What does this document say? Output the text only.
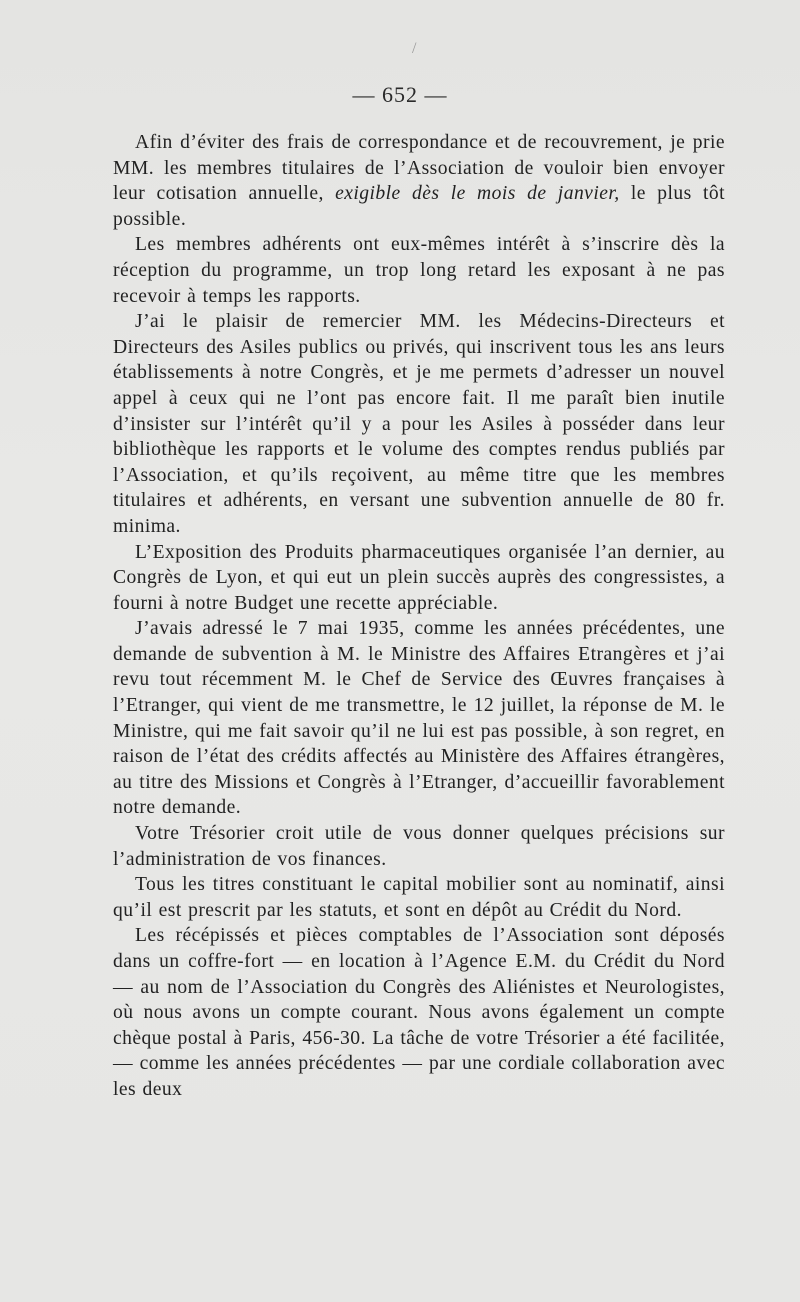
/
— 652 —

Afin d’éviter des frais de correspondance et de recouvrement, je prie MM. les membres titulaires de l’Association de vouloir bien envoyer leur cotisation annuelle, exigible dès le mois de janvier, le plus tôt possible.

Les membres adhérents ont eux-mêmes intérêt à s’inscrire dès la réception du programme, un trop long retard les exposant à ne pas recevoir à temps les rapports.

J’ai le plaisir de remercier MM. les Médecins-Directeurs et Directeurs des Asiles publics ou privés, qui inscrivent tous les ans leurs établissements à notre Congrès, et je me permets d’adresser un nouvel appel à ceux qui ne l’ont pas encore fait. Il me paraît bien inutile d’insister sur l’intérêt qu’il y a pour les Asiles à posséder dans leur bibliothèque les rapports et le volume des comptes rendus publiés par l’Association, et qu’ils reçoivent, au même titre que les membres titulaires et adhérents, en versant une subvention annuelle de 80 fr. minima.

L’Exposition des Produits pharmaceutiques organisée l’an dernier, au Congrès de Lyon, et qui eut un plein succès auprès des congressistes, a fourni à notre Budget une recette appréciable.

J’avais adressé le 7 mai 1935, comme les années précédentes, une demande de subvention à M. le Ministre des Affaires Etrangères et j’ai revu tout récemment M. le Chef de Service des Œuvres françaises à l’Etranger, qui vient de me transmettre, le 12 juillet, la réponse de M. le Ministre, qui me fait savoir qu’il ne lui est pas possible, à son regret, en raison de l’état des crédits affectés au Ministère des Affaires étrangères, au titre des Missions et Congrès à l’Etranger, d’accueillir favorablement notre demande.

Votre Trésorier croit utile de vous donner quelques précisions sur l’administration de vos finances.

Tous les titres constituant le capital mobilier sont au nominatif, ainsi qu’il est prescrit par les statuts, et sont en dépôt au Crédit du Nord.

Les récépissés et pièces comptables de l’Association sont déposés dans un coffre-fort — en location à l’Agence E.M. du Crédit du Nord — au nom de l’Association du Congrès des Aliénistes et Neurologistes, où nous avons un compte courant. Nous avons également un compte chèque postal à Paris, 456-30. La tâche de votre Trésorier a été facilitée, — comme les années précédentes — par une cordiale collaboration avec les deux
